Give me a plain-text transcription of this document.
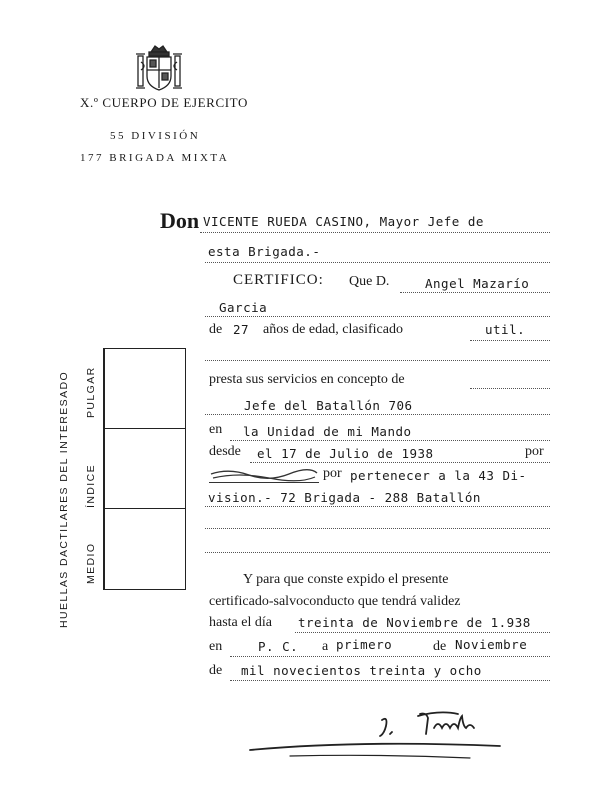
X.º CUERPO DE EJERCITO
55 DIVISIÓN
177 BRIGADA MIXTA
HUELLAS DACTILARES DEL INTERESADO PULGAR
ÍNDICE
MEDIO
Don VICENTE RUEDA CASINO, Mayor Jefe de
esta Brigada.-
CERTIFICO: Que D.	Angel Mazarío
Garcia
de 27 años de edad, clasificado	util.
presta sus servicios en concepto de
Jefe del Batallón 706
en la Unidad de mi Mando
desde el 17 de Julio de 1938	por
por pertenecer a la 43 Di-
vision.- 72 Brigada - 288 Batallón
Y para que conste expido el presente
certificado-salvoconducto que tendrá validez
hasta el día treinta de Noviembre de 1.938
en	P. C. a primero	de Noviembre
de mil novecientos treinta y ocho
